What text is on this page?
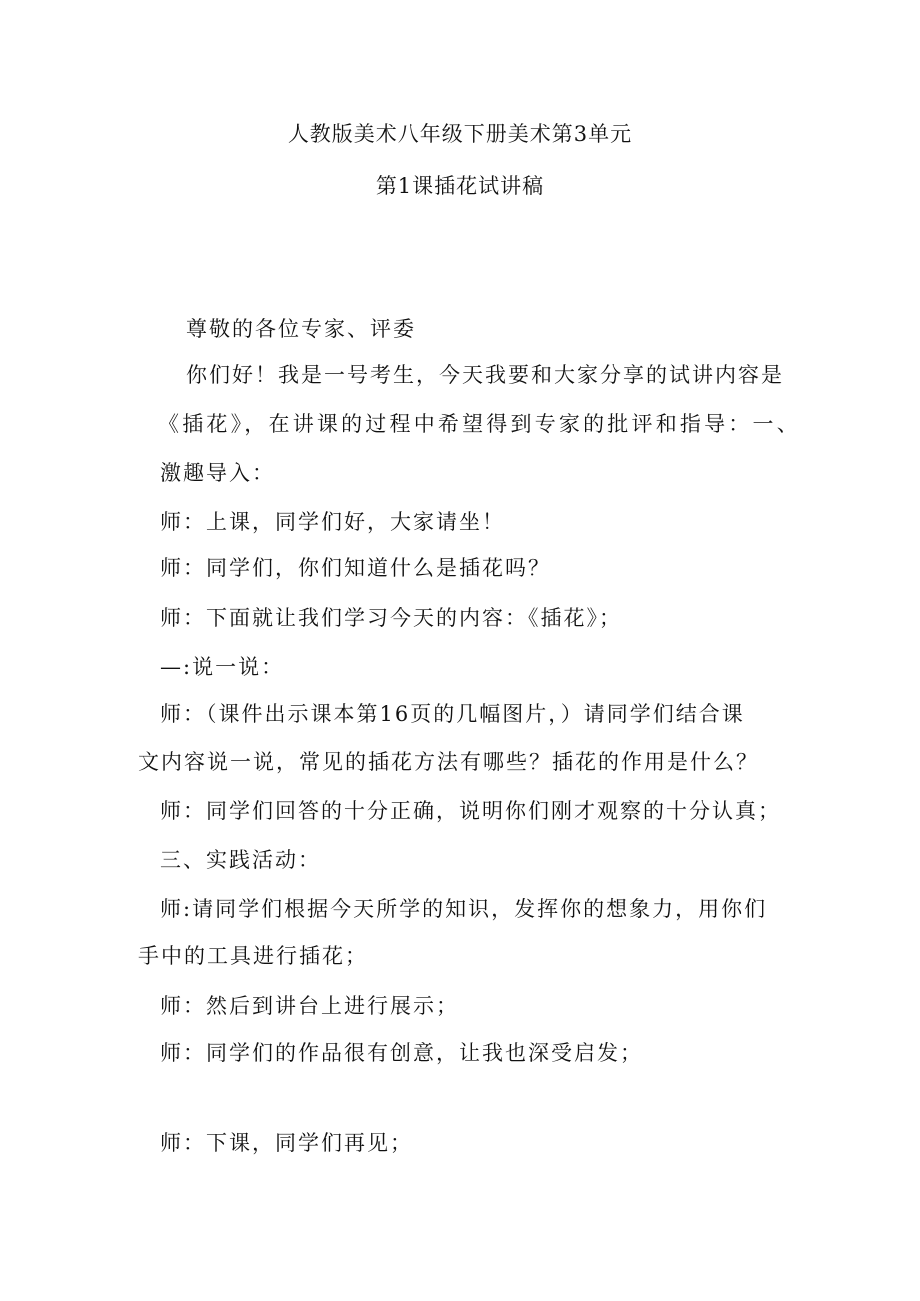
人教版美术八年级下册美术第3单元
第1课插花试讲稿
尊敬的各位专家、评委
你们好！我是一号考生，今天我要和大家分享的试讲内容是
《插花》，在讲课的过程中希望得到专家的批评和指导：一、
激趣导入：
师：上课，同学们好，大家请坐！
师：同学们，你们知道什么是插花吗？
师：下面就让我们学习今天的内容：《插花》；
—:说一说：
师：（课件出示课本第16页的几幅图片，）请同学们结合课
文内容说一说，常见的插花方法有哪些？插花的作用是什么？
师：同学们回答的十分正确，说明你们刚才观察的十分认真；
三、实践活动：
师:请同学们根据今天所学的知识，发挥你的想象力，用你们
手中的工具进行插花；
师：然后到讲台上进行展示；
师：同学们的作品很有创意，让我也深受启发；
师：下课，同学们再见；
